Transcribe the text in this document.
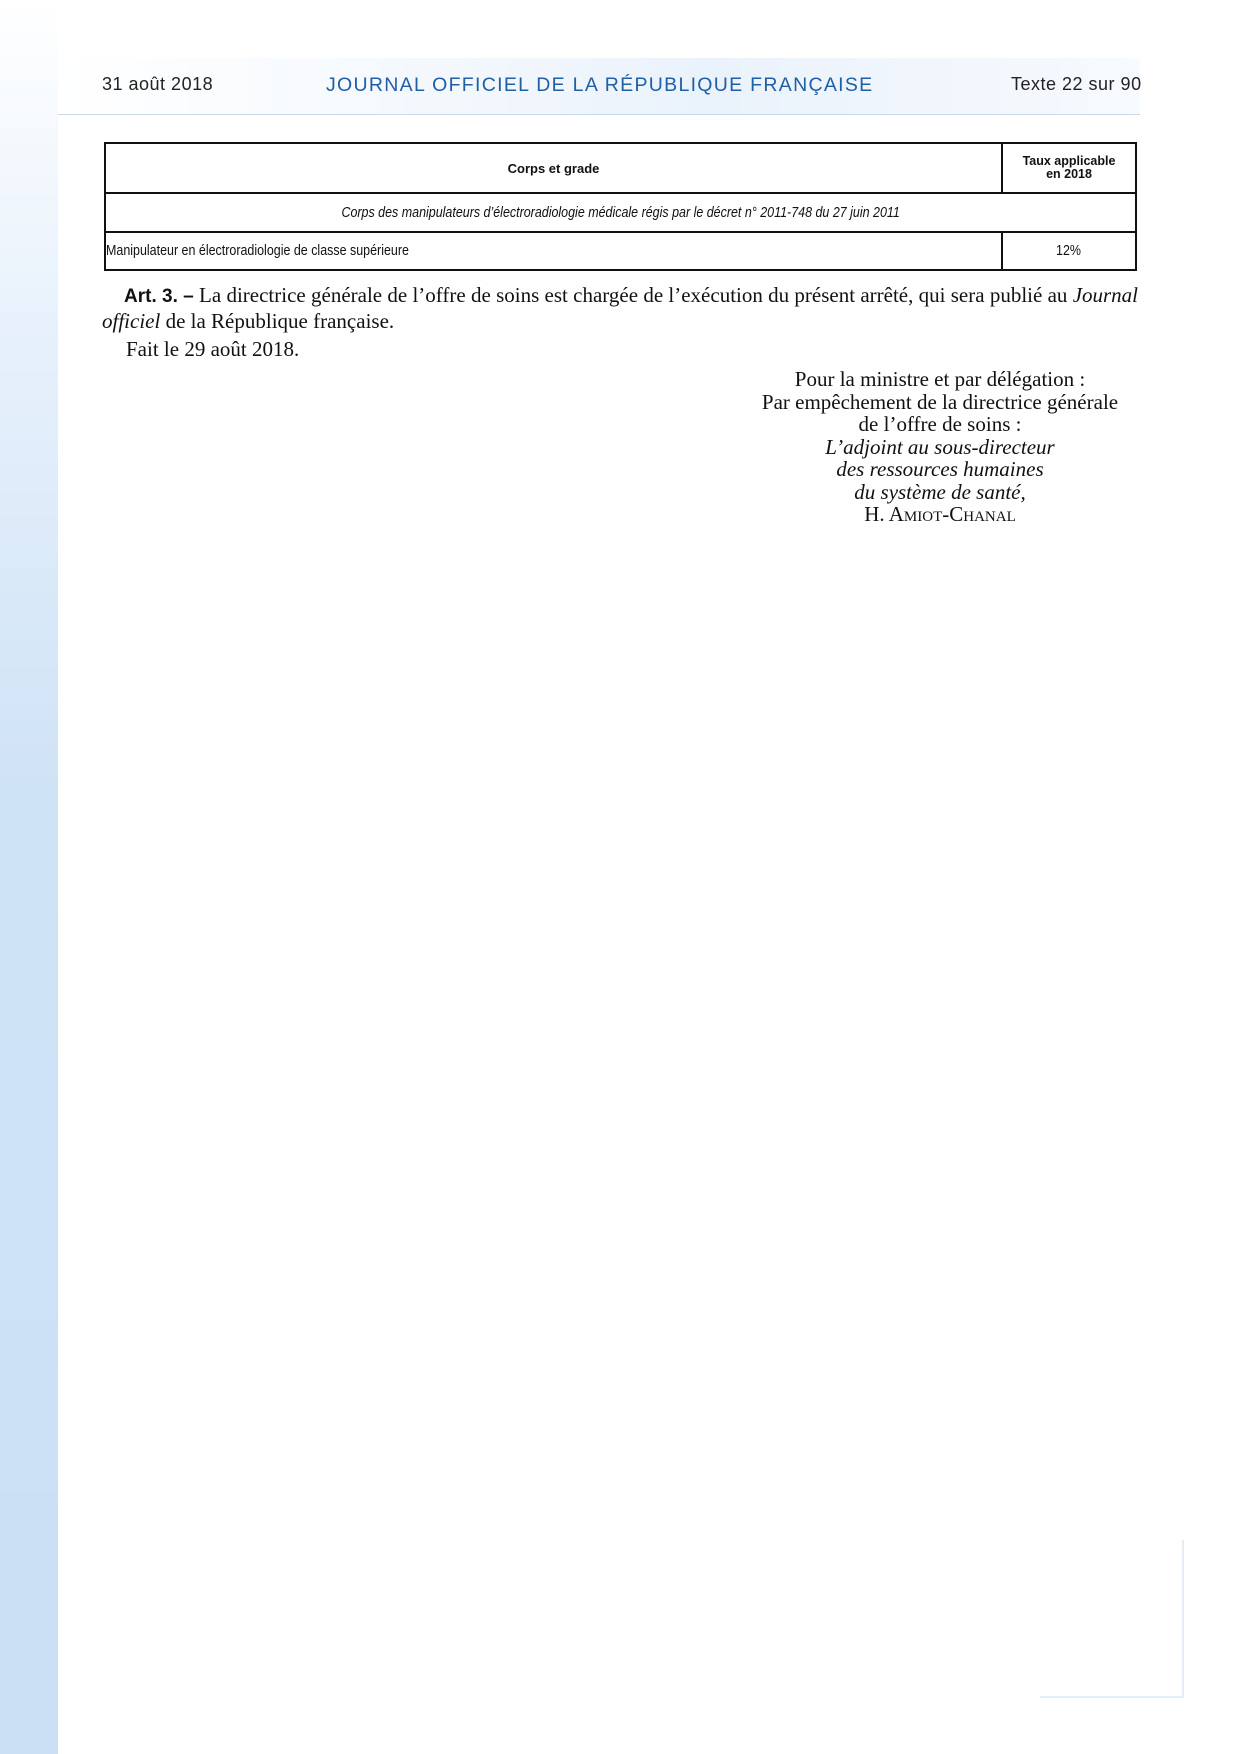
31 août 2018	JOURNAL OFFICIEL DE LA RÉPUBLIQUE FRANÇAISE	Texte 22 sur 90
Corps et grade	Taux applicable
en 2018
Corps des manipulateurs d’électroradiologie médicale régis par le décret n° 2011-748 du 27 juin 2011	
Manipulateur en électroradiologie de classe supérieure	12%
Art. 3. – La directrice générale de l’offre de soins est chargée de l’exécution du présent arrêté, qui sera publié au Journal officiel de la République française.
Fait le 29 août 2018.
Pour la ministre et par délégation :
Par empêchement de la directrice générale
de l’offre de soins :
L’adjoint au sous-directeur
des ressources humaines
du système de santé,
H. Amiot-Chanal
